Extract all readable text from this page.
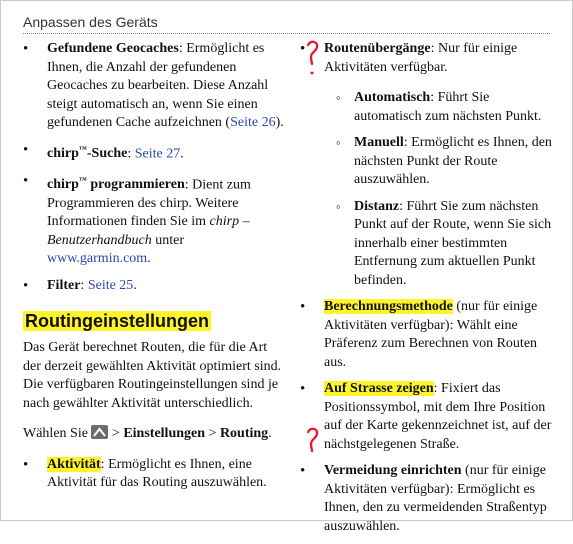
Anpassen des Geräts
• Gefundene Geocaches: Ermöglicht es Ihnen, die Anzahl der gefundenen Geocaches zu bearbeiten. Diese Anzahl steigt automatisch an, wenn Sie einen gefundenen Cache aufzeichnen (Seite 26).
• chirp™-Suche: Seite 27.
• chirp™ programmieren: Dient zum Programmieren des chirp. Weitere Informationen finden Sie im chirp – Benutzerhandbuch unter www.garmin.com.
• Filter: Seite 25.
Routingeinstellungen

Das Gerät berechnet Routen, die für die Art der derzeit gewählten Aktivität optimiert sind. Die verfügbaren Routingeinstellungen sind je nach gewählter Aktivität unterschiedlich.

Wählen Sie
> Einstellungen > Routing.

• Aktivität: Ermöglicht es Ihnen, eine Aktivität für das Routing auszuwählen.
• Routenübergänge: Nur für einige Aktivitäten verfügbar.
◦ Automatisch: Führt Sie automatisch zum nächsten Punkt.
◦ Manuell: Ermöglicht es Ihnen, den nächsten Punkt der Route auszuwählen.
◦ Distanz: Führt Sie zum nächsten Punkt auf der Route, wenn Sie sich innerhalb einer bestimmten Entfernung zum aktuellen Punkt befinden.
• Berechnungsmethode (nur für einige Aktivitäten verfügbar): Wählt eine Präferenz zum Berechnen von Routen aus.
• Auf Strasse zeigen: Fixiert das Positionssymbol, mit dem Ihre Position auf der Karte gekennzeichnet ist, auf der nächstgelegenen Straße.
• Vermeidung einrichten (nur für einige Aktivitäten verfügbar): Ermöglicht es Ihnen, den zu vermeidenden Straßentyp auszuwählen.
